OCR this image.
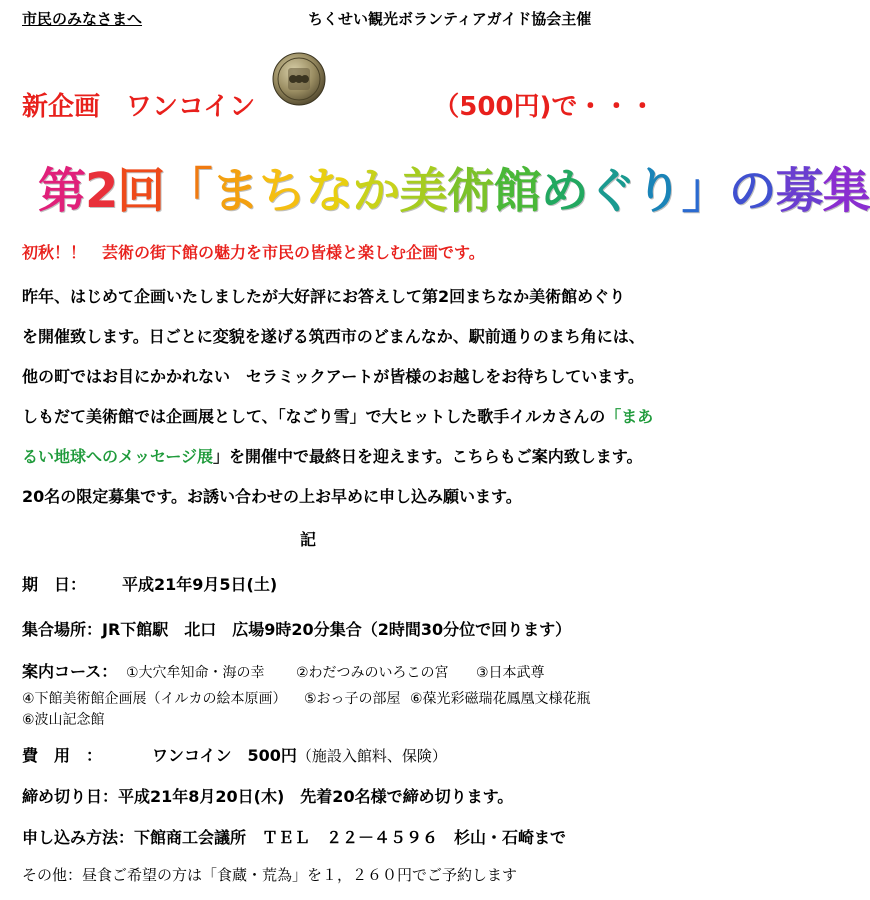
市民のみなさまへ	ちくせい観光ボランティアガイド協会主催
新企画　ワンコイン	（500円)で・・・
第2回「まちなか美術館めぐり」の募集
初秋！！　芸術の街下館の魅力を市民の皆様と楽しむ企画です。
昨年、はじめて企画いたしましたが大好評にお答えして第2回まちなか美術館めぐり
を開催致します。日ごとに変貌を遂げる筑西市のどまんなか、駅前通りのまち角には、
他の町ではお目にかかれない　セラミックアートが皆様のお越しをお待ちしています。
しもだて美術館では企画展として、「なごり雪」で大ヒットした歌手イルカさんの「まあ
るい地球へのメッセージ展」を開催中で最終日を迎えます。こちらもご案内致します。
20名の限定募集です。お誘い合わせの上お早めに申し込み願います。
記
期　日： 平成21年9月5日(土)
集合場所：JR下館駅　北口　広場9時20分集合（2時間30分位で回ります）
案内コース： ①大穴牟知命・海の幸 ②わだつみのいろこの宮 ③日本武尊
④下館美術館企画展（イルカの絵本原画） ⑤おっ子の部屋 ⑥葆光彩磁瑞花鳳凰文様花瓶
⑥波山記念館
費　用　：	ワンコイン　500円（施設入館料、保険）
締め切り日：平成21年8月20日(木)　先着20名様で締め切ります。
申し込み方法：下館商工会議所　ＴＥＬ　２２－４５９６　杉山・石崎まで
その他：昼食ご希望の方は「食蔵・荒為」を１，２６０円でご予約します
